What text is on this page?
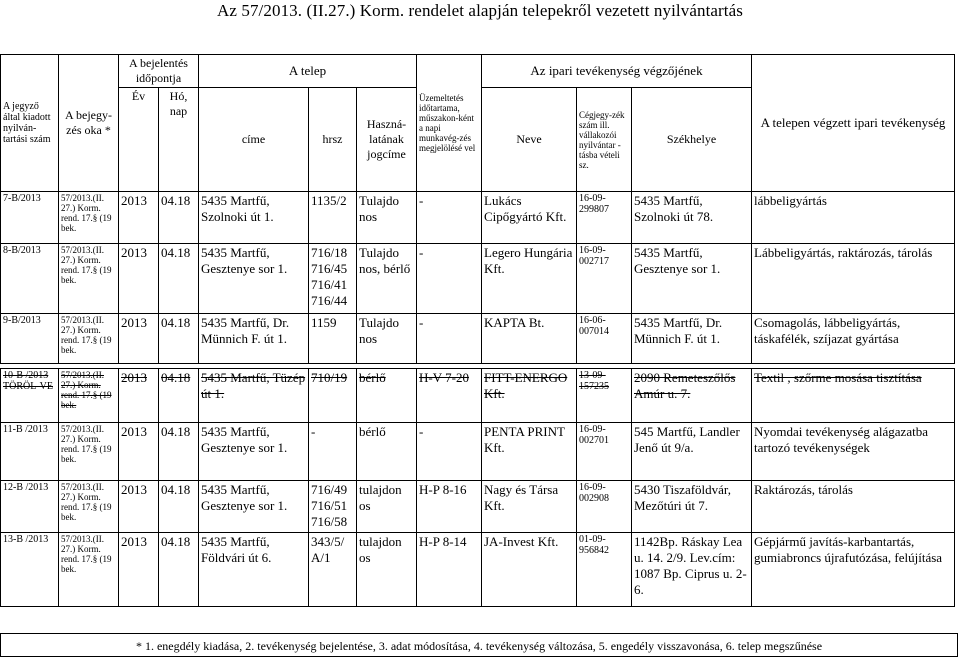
Az 57/2013. (II.27.) Korm. rendelet alapján telepekről vezetett nyilvántartás
A jegyző által kiadott nyilván-tartási szám	A bejegy-zés oka *	A bejelentés időpontja		A telep			Üzemeltetés időtartama, műszakon-ként a napi munkavég-zés megjelölésé vel	Az ipari tevékenység végzőjének			A telepen végzett ipari tevékenység
		Év	Hó, nap	címe	hrsz	Haszná-latának jogcíme		Neve	Cégjegy-zék szám ill. vállakozói nyilvántar -tásba vételi sz.	Székhelye	
7-B/2013	57/2013.(II. 27.) Korm. rend. 17.§ (19 bek.	2013	04.18	5435 Martfű, Szolnoki út 1.	1135/2	Tulajdo nos	-	Lukács Cipőgyártó Kft.	16-09-299807	5435 Martfű, Szolnoki út 78.	lábbeligyártás
8-B/2013	57/2013.(II. 27.) Korm. rend. 17.§ (19 bek.	2013	04.18	5435 Martfű, Gesztenye sor 1.	716/18 716/45 716/41 716/44	Tulajdo nos, bérlő	-	Legero Hungária Kft.	16-09-002717	5435 Martfű, Gesztenye sor 1.	Lábbeligyártás, raktározás, tárolás
9-B/2013	57/2013.(II. 27.) Korm. rend. 17.§ (19 bek.	2013	04.18	5435 Martfű, Dr. Münnich F. út 1.	1159	Tulajdo nos	-	KAPTA Bt.	16-06-007014	5435 Martfű, Dr. Münnich F. út 1.	Csomagolás, lábbeligyártás, táskafélék, szíjazat gyártása

10-B /2013 TÖRÖL-VE	57/2013.(II. 27.) Korm. rend. 17.§ (19 bek.	2013	04.18	5435 Martfű, Tüzép út 1.	710/19	bérlő	H-V 7-20	FITT-ENERGO Kft.	13-09-157235	2090 Remeteszőlős Amúr u. 7.	Textil , szőrme mosása tisztítása
11-B /2013	57/2013.(II. 27.) Korm. rend. 17.§ (19 bek.	2013	04.18	5435 Martfű, Gesztenye sor 1.	-	bérlő	-	PENTA PRINT Kft.	16-09-002701	545 Martfű, Landler Jenő út 9/a.	Nyomdai tevékenység alágazatba tartozó tevékenységek
12-B /2013	57/2013.(II. 27.) Korm. rend. 17.§ (19 bek.	2013	04.18	5435 Martfű, Gesztenye sor 1.	716/49 716/51 716/58	tulajdon os	H-P 8-16	Nagy és Társa Kft.	16-09-002908	5430 Tiszaföldvár, Mezőtúri út 7.	Raktározás, tárolás
13-B /2013	57/2013.(II. 27.) Korm. rend. 17.§ (19 bek.	2013	04.18	5435 Martfű, Földvári út 6.	343/5/ A/1	tulajdon os	H-P 8-14	JA-Invest Kft.	01-09-956842	1142Bp. Ráskay Lea u. 14. 2/9. Lev.cím: 1087 Bp. Ciprus u. 2-6.	Gépjármű javítás-karbantartás, gumiabroncs újrafutózása, felújítása
* 1. enegdély kiadása, 2. tevékenység bejelentése, 3. adat módosítása, 4. tevékenység változása, 5. engedély visszavonása, 6. telep megszűnése
